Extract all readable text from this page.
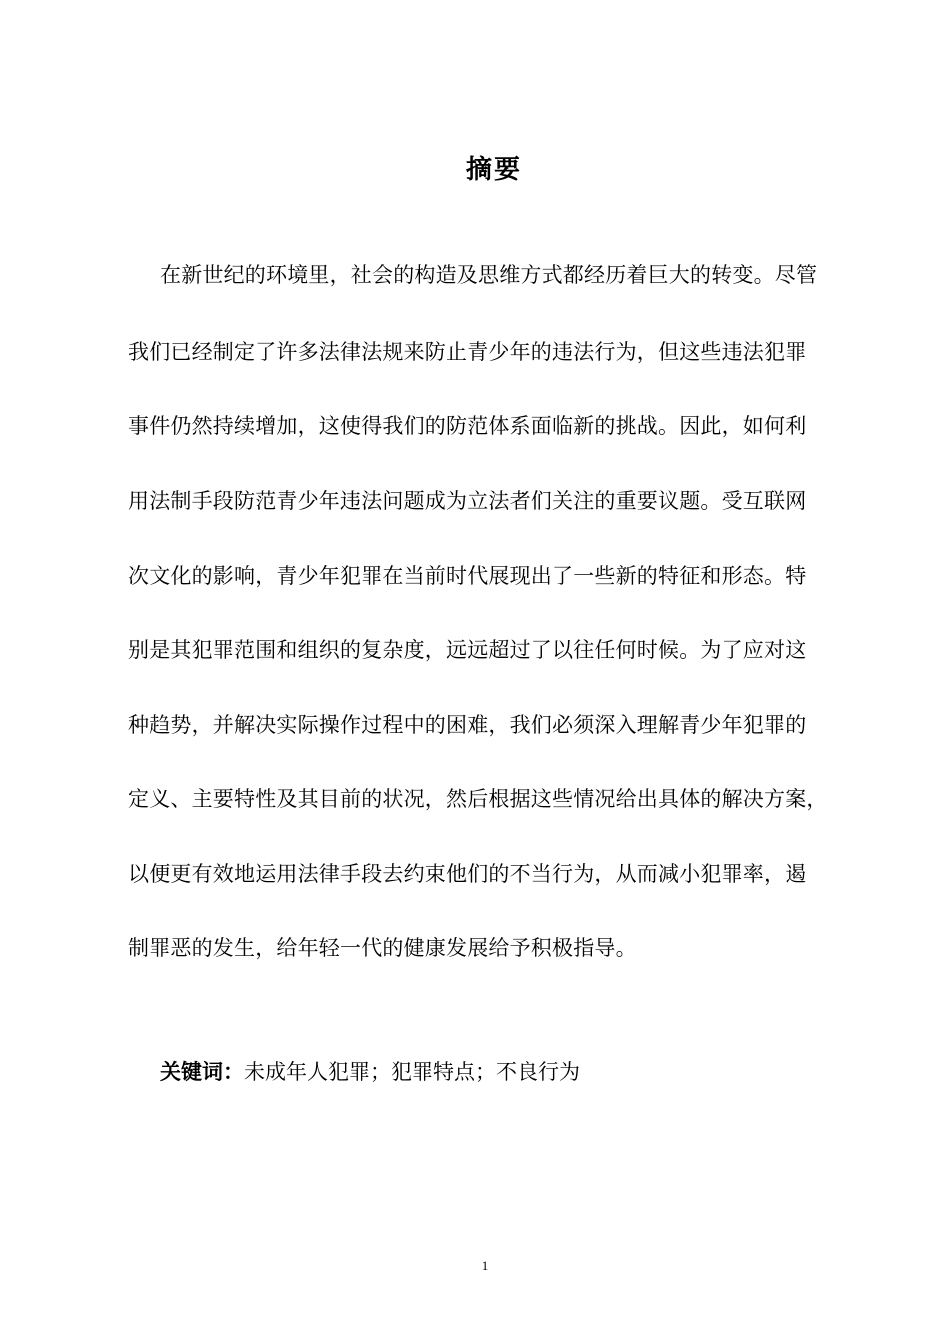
摘要
在新世纪的环境里，社会的构造及思维方式都经历着巨大的转变。尽管
我们已经制定了许多法律法规来防止青少年的违法行为，但这些违法犯罪
事件仍然持续增加，这使得我们的防范体系面临新的挑战。因此，如何利
用法制手段防范青少年违法问题成为立法者们关注的重要议题。受互联网
次文化的影响，青少年犯罪在当前时代展现出了一些新的特征和形态。特
别是其犯罪范围和组织的复杂度，远远超过了以往任何时候。为了应对这
种趋势，并解决实际操作过程中的困难，我们必须深入理解青少年犯罪的
定义、主要特性及其目前的状况，然后根据这些情况给出具体的解决方案，
以便更有效地运用法律手段去约束他们的不当行为，从而减小犯罪率，遏
制罪恶的发生，给年轻一代的健康发展给予积极指导。
关键词：未成年人犯罪；犯罪特点；不良行为
1
